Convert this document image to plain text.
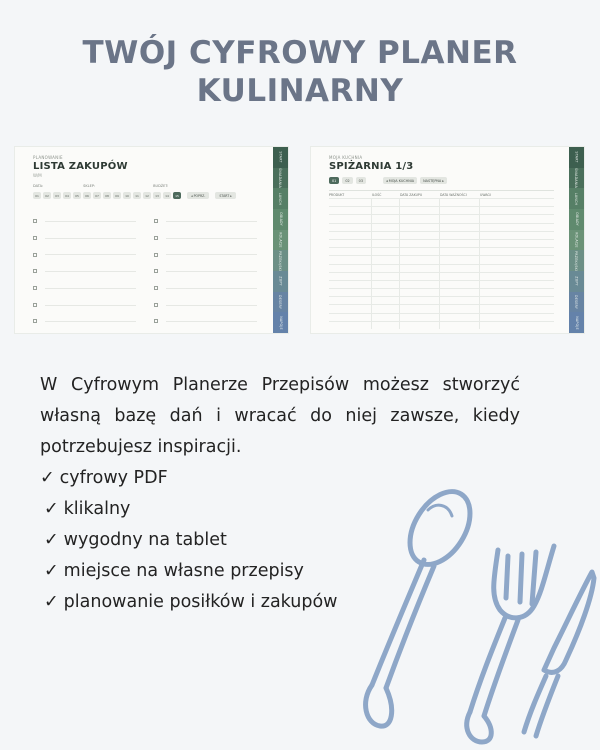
TWÓJ CYFROWY PLANER
KULINARNY
PLANOWANIE
LISTA ZAKUPÓW
W/M
DATA:	SKLEP:	BUDŻET:
01	02	03	04	05	06	07	08	09	10	11	12	13	14	15	◂ POPRZ.	START ▸
START
ŚNIADANIA
LUNCH
OBIADY
KOLACJE
PRZEKĄSKI
ZUPY
DESERY
NAPOJE
MOJA KUCHNIA
SPIŻARNIA 1/3
01	02	03	◂ MOJA KUCHNIA	NASTĘPNA ▸
PRODUKT	ILOŚĆ	DATA ZAKUPU	DATA WAŻNOŚCI	UWAGI
START
ŚNIADANIA
LUNCH
OBIADY
KOLACJE
PRZEKĄSKI
ZUPY
DESERY
NAPOJE
W Cyfrowym Planerze Przepisów możesz stworzyć własną bazę dań i wracać do niej zawsze, kiedy potrzebujesz inspiracji.
✓ cyfrowy PDF
✓ klikalny
✓ wygodny na tablet
✓ miejsce na własne przepisy
✓ planowanie posiłków i zakupów
